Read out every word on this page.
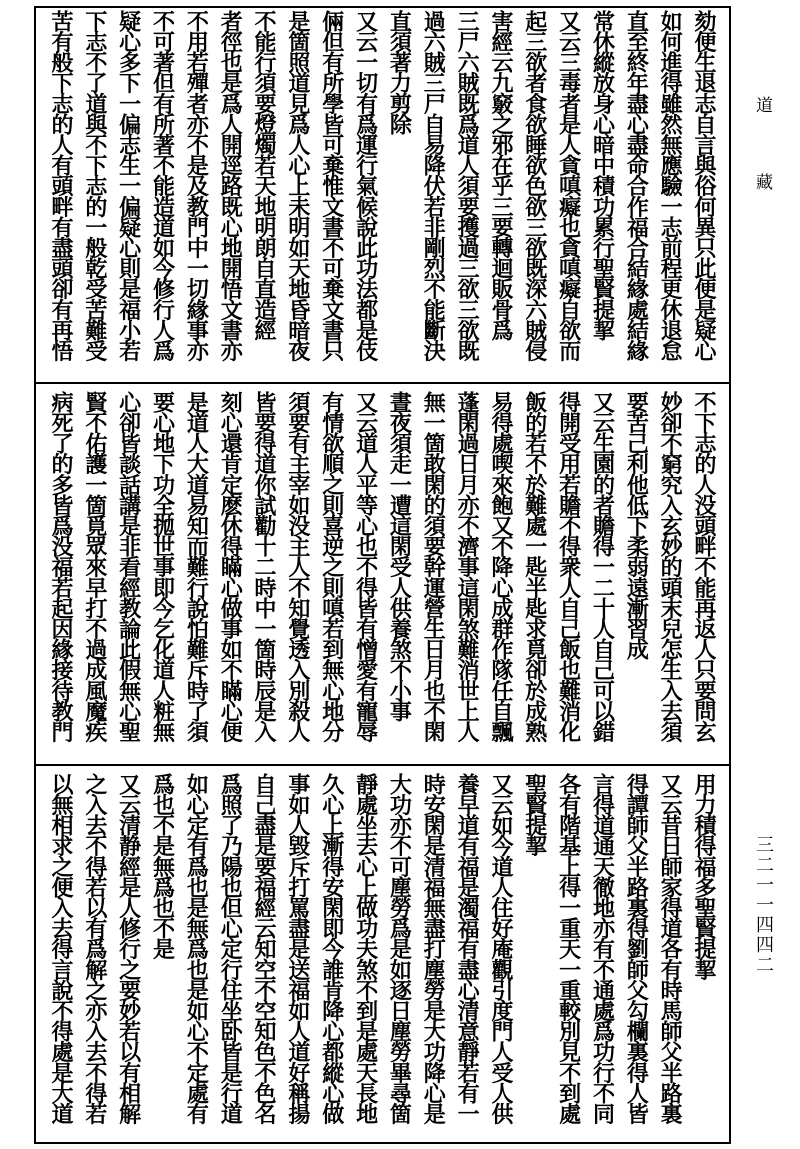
劾便生退志自言與俗何異只此便是疑心
如何進得雖然無應驗一志前程更休退怠
直至終年盡心盡命合作福合結緣處結緣
常休縱放身心暗中積功累行聖賢提挈
又云三毒者是人貪嗔癡也貪嗔癡自欲而
起三欲者食欲睡欲色欲三欲既深六賊侵
害經云九竅之邪在乎三要轉迴販骨爲
三尸六賊既爲道人須要擭過三欲三欲既
過六賊三尸自易降伏若非剛烈不能斷決
直須著力剪除
又云一切有爲運行氣候說此功法都是伎
倆但有所學皆可棄惟文書不可棄文書只
是箇照道見爲人心上未明如天地昏暗夜
不能行須要燈燭若天地明朗自直造經
者徑也是爲人開逕路既心地開悟文書亦
不用若殫者亦不是及教門中一切緣事亦
不可著但有所著不能造道如今修行人爲
疑心多下一偏志生一偏疑心則是福小若
下志不了道與不下志的一般乾受苦難受
苦有般下志的人有頭畔有盡頭卻有再悟
不下志的人没頭畔不能再返人只要問玄
妙卻不窮究入玄妙的頭末兒怎生入去須
要苦己利他低下柔弱遠漸習成
又云生園的者贍得一二十人自己可以錯
得開受用若贍不得衆人自己飯也難消化
飯的若不於難處一匙半匙求覓卻於成熟
易得處喫來飽又不降心成群作隊任自飄
蓬閑過日月亦不濟事這閑煞難消世上人
無一箇敢閑的須要幹運營生日月也不閑
晝夜須走一遭這閑受人供養煞不小事
又云道人平等心也不得皆有憎愛有寵辱
有情欲順之則喜逆之則嗔若到無心地分
須要有主宰如没主人不知覺透入別殺人
皆要得道你試勸十二時中一箇時辰是入
刻心還肯定麽休得瞞心做事如不瞞心便
是道人大道易知而難行說怕難斥時了須
要心地下功全拋世事即今乞化道人粧無
心卻皆談話講是非看經教論此假無心聖
賢不佑護一箇覓眾來早打不過成風魔疾
病死了的多皆爲没福若起因緣接待教門
用力積得福多聖賢提挈
又云昔日師家得道各有時馬師父半路裏
得譚師父半路裏得劉師父勾欄裏得人皆
言得道通天徹地亦有不通處爲功行不同
各有階基上得一重天一重較別見不到處
聖賢提挈
又云如今道人住好庵觀引度門人受人供
養早道有福是濁福有盡心清意靜若有一
時安閑是清福無盡打塵勞是大功降心是
大功亦不可塵勞爲是如逐日塵勞畢尋箇
靜處坐去心上做功夫煞不到是處天長地
久心上漸得安閑即今誰肯降心都縱心做
事如人毀斥打罵盡是送福如人道好稱揚
自己盡是要福經云知空不空知色不色名
爲照了乃陽也但心定行住坐卧皆是行道
如心定有爲也是無爲也是如心不定處有
爲也不是無爲也不是
又云清静經是人修行之要妙若以有相解
之入去不得若以有爲解之亦入去不得若
以無相求之便入去得言說不得處是大道
道藏
三二一一四四二
